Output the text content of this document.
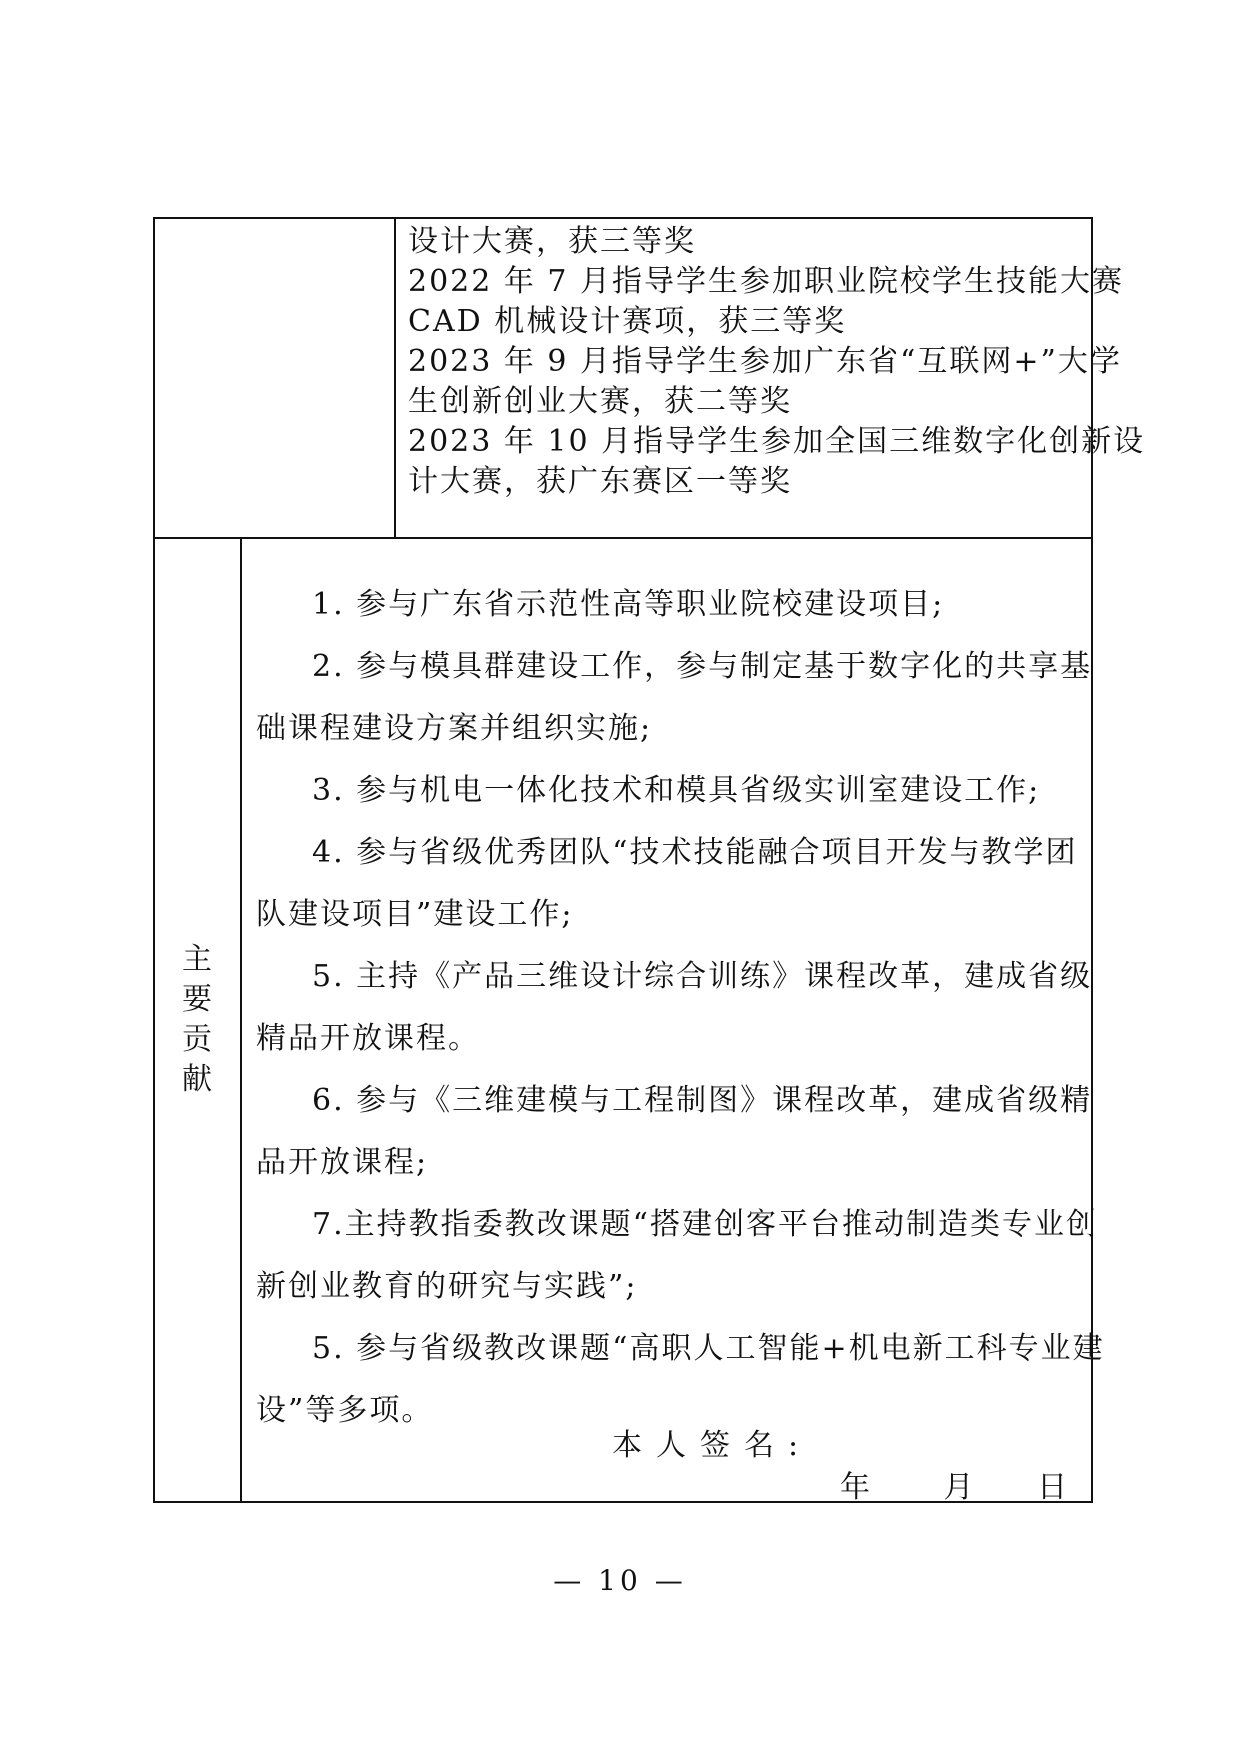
设计大赛，获三等奖
2022 年 7 月指导学生参加职业院校学生技能大赛
CAD 机械设计赛项，获三等奖
2023 年 9 月指导学生参加广东省“互联网+”大学
生创新创业大赛，获二等奖
2023 年 10 月指导学生参加全国三维数字化创新设
计大赛，获广东赛区一等奖
主
要
贡
献
1. 参与广东省示范性高等职业院校建设项目;
2. 参与模具群建设工作，参与制定基于数字化的共享基
础课程建设方案并组织实施;
3. 参与机电一体化技术和模具省级实训室建设工作;
4. 参与省级优秀团队“技术技能融合项目开发与教学团
队建设项目”建设工作;
5. 主持《产品三维设计综合训练》课程改革，建成省级
精品开放课程。
6. 参与《三维建模与工程制图》课程改革，建成省级精
品开放课程;
7.主持教指委教改课题“搭建创客平台推动制造类专业创
新创业教育的研究与实践”;
5. 参与省级教改课题“高职人工智能+机电新工科专业建
设”等多项。
本人签名:
年 月 日
— 10 —
